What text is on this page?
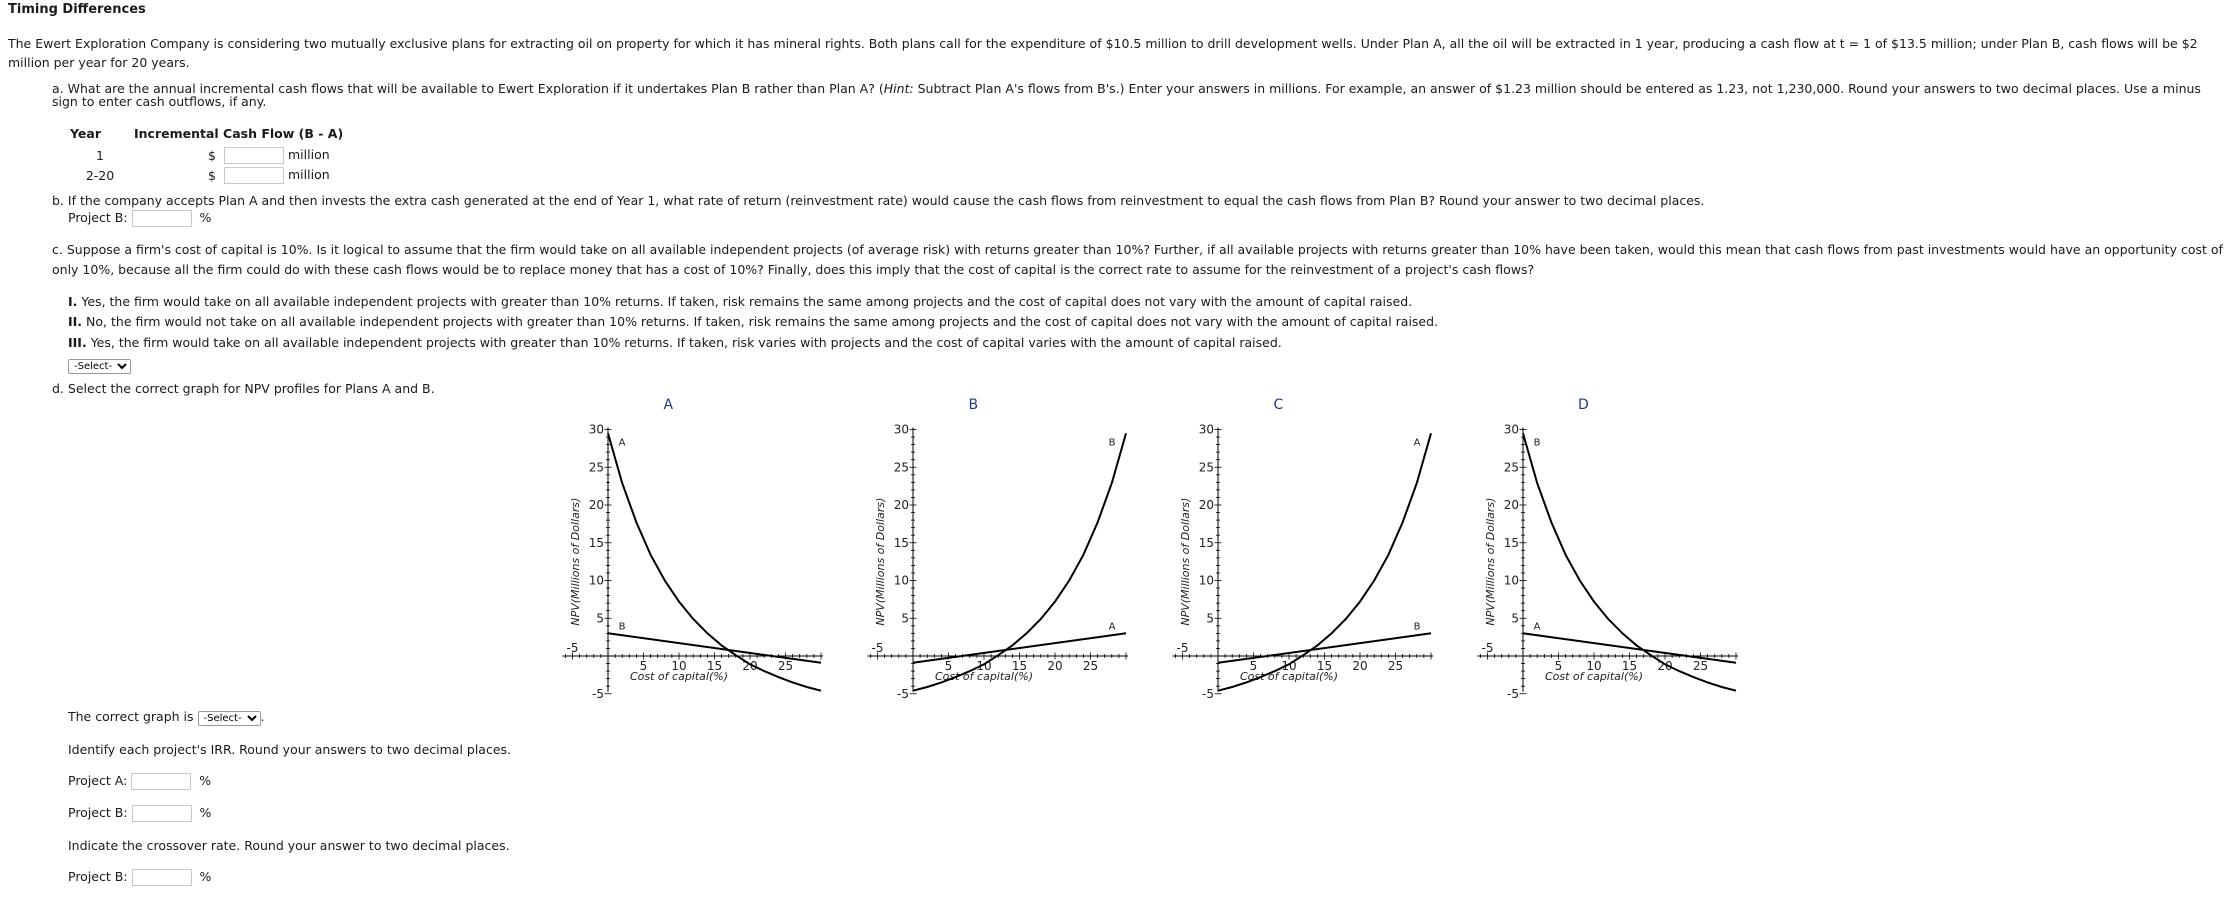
Timing Differences
The Ewert Exploration Company is considering two mutually exclusive plans for extracting oil on property for which it has mineral rights. Both plans call for the expenditure of $10.5 million to drill development wells. Under Plan A, all the oil will be extracted in 1 year, producing a cash flow at t = 1 of $13.5 million; under Plan B, cash flows will be $2 million per year for 20 years.
a. What are the annual incremental cash flows that will be available to Ewert Exploration if it undertakes Plan B rather than Plan A? (Hint: Subtract Plan A's flows from B's.) Enter your answers in millions. For example, an answer of $1.23 million should be entered as 1.23, not 1,230,000. Round your answers to two decimal places. Use a minus sign to enter cash outflows, if any.
Year	Incremental Cash Flow (B - A)	
1	$	million
2-20	$	million
b. If the company accepts Plan A and then invests the extra cash generated at the end of Year 1, what rate of return (reinvestment rate) would cause the cash flows from reinvestment to equal the cash flows from Plan B? Round your answer to two decimal places.
Project B:	%
c. Suppose a firm's cost of capital is 10%. Is it logical to assume that the firm would take on all available independent projects (of average risk) with returns greater than 10%? Further, if all available projects with returns greater than 10% have been taken, would this mean that cash flows from past investments would have an opportunity cost of only 10%, because all the firm could do with these cash flows would be to replace money that has a cost of 10%? Finally, does this imply that the cost of capital is the correct rate to assume for the reinvestment of a project's cash flows?
I. Yes, the firm would take on all available independent projects with greater than 10% returns. If taken, risk remains the same among projects and the cost of capital does not vary with the amount of capital raised.
II. No, the firm would not take on all available independent projects with greater than 10% returns. If taken, risk remains the same among projects and the cost of capital does not vary with the amount of capital raised.
III. Yes, the firm would take on all available independent projects with greater than 10% returns. If taken, risk varies with projects and the cost of capital varies with the amount of capital raised.
-Select-
d. Select the correct graph for NPV profiles for Plans A and B.
A
-5
5 10 15 20 25
-5
5
10
15
20
25
30
Cost of capital(%)
NPV(Millions of Dollars)
A
B
B
-5
5 10 15 20 25
-5
5
10
15
20
25
30
Cost of capital(%)
NPV(Millions of Dollars)
B
A
C
-5
5 10 15 20 25
-5
5
10
15
20
25
30
Cost of capital(%)
NPV(Millions of Dollars)
A
B
D
-5
5 10 15 20 25
-5
5
10
15
20
25
30
Cost of capital(%)
NPV(Millions of Dollars)
B
A
The correct graph is
-Select-	.
Identify each project's IRR. Round your answers to two decimal places.
Project A:	%
Project B:	%
Indicate the crossover rate. Round your answer to two decimal places.
Project B:	%
